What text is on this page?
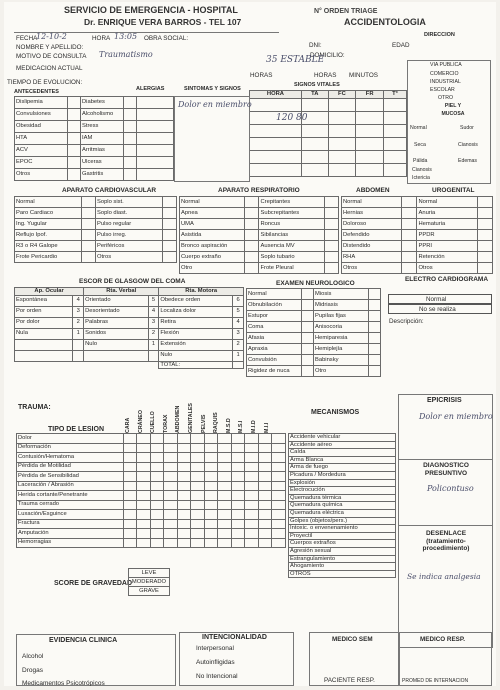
SERVICIO DE EMERGENCIA - HOSPITAL
Dr. ENRIQUE VERA BARROS - TEL 107
N° ORDEN TRIAGE
ACCIDENTOLOGIA
FECHA
12-10-2	HORA 13:05 OBRA SOCIAL:
NOMBRE Y APELLIDO:
MOTIVO DE CONSULTA Traumatismo
MEDICACION ACTUAL
DNI:	EDAD
DOMICILIO:
DIRECCION
VIA PUBLICA
COMERCIO
INDUSTRIAL
ESCOLAR
OTRO
PIEL Y MUCOSA
Normal	Sudor
Seca	Cianosis
Pálida	Edemas
Cianosis
Ictericia
TIEMPO DE EVOLUCION:
HORAS	HORAS MINUTOS
SIGNOS VITALES
ANTECEDENTES	ALERGIAS	SINTOMAS Y SIGNOS
Dislipemia		Diabetes		
Convulsiones		Alcoholismo		
Obesidad		Stress		
HTA		IAM		
ACV		Arritmias		
EPOC		Ulceras		
Otros		Gastritis		
HORA	TA	FC	FR	T°

35 ESTABLE
120 80
Dolor en miembro
APARATO CARDIOVASCULAR
Normal		Soplo sist.	
Paro Cardiaco		Soplo diast.	
Ing. Yugular		Pulso regular	
Reflujo Ipof.		Pulso irreg.	
R3 o R4 Galope		Periféricos	
Frote Pericardio		Otros	
APARATO RESPIRATORIO
Normal		Crepitantes	
Apnea		Subcrepitantes	
UMA		Roncus	
Asistida		Sibilancias	
Bronco aspiración		Ausencia MV	
Cuerpo extraño		Soplo tubario	
Otro		Frote Pleural	
ABDOMEN	UROGENITAL
Normal		Normal	
Hernias		Anuria	
Doloroso		Hematuria	
Defendido		PPDR	
Distendido		PPRI	
RHA		Retención	
Otros		Otros	
ESCOR DE GLASGOW DEL COMA
Ap. Ocular		Rta. Verbal		Rta. Motora	
Espontánea	4	Orientado	5	Obedece orden	6
Por orden	3	Desorientado	4	Localiza dolor	5
Por dolor	2	Palabras	3	Retira	4
Nula	1	Sonidos	2	Flexión	3
		Nulo	1	Extensión	2
				Nulo	1
				TOTAL:	
EXAMEN NEUROLOGICO
Normal		Miosis	
Obnubilación		Midriasis	
Estupor		Pupilas fijas	
Coma		Anisocoria	
Afasia		Hemiparesia	
Apraxia		Hemiplejía	
Convulsión		Babinsky	
Rigidez de nuca		Otro	
ELECTRO CARDIOGRAMA
Normal
No se realiza
Descripción:
TRAUMA:
TIPO DE LESION	CARA	CRÁNEO	CUELLO	TORAX	ABDOMEN	GENITALES	PELVIS	RAQUIS	M.S.D	M.S.I	M.I.D	M.I.I
Dolor												
Deformación												
Contusión/Hematoma												
Pérdida de Motilidad												
Pérdida de Sensibilidad												
Laceración / Abrasión												
Herida cortante/Penetrante												
Trauma cerrado												
Luxación/Esguince												
Fractura												
Amputación												
Hemorragias												
MECANISMOS
Accidente vehicular
Accidente aéreo
Caída
Arma Blanca
Arma de fuego
Picadura / Mordedura
Explosión
Electrocución
Quemadura térmica
Quemadura química
Quemadura eléctrica
Golpes (objetos/pers.)
Intoxic. o envenenamiento
Proyectil
Cuerpos extraños
Agresión sexual
Estrangulamiento
Ahogamiento
OTROS
SCORE DE GRAVEDAD
LEVE
MODERADO
GRAVE
EPICRISIS
Dolor en miembro
DIAGNOSTICO PRESUNTIVO
Policontuso
DESENLACE (tratamiento-procedimiento)
Se indica analgesia
EVIDENCIA CLINICA
Alcohol
Drogas
Medicamentos Psicotrópicos
INTENCIONALIDAD
Interpersonal
Autoinfligidas
No Intencional
MEDICO SEM
PACIENTE RESP.
MEDICO RESP.
PROMED DE INTERNACION
